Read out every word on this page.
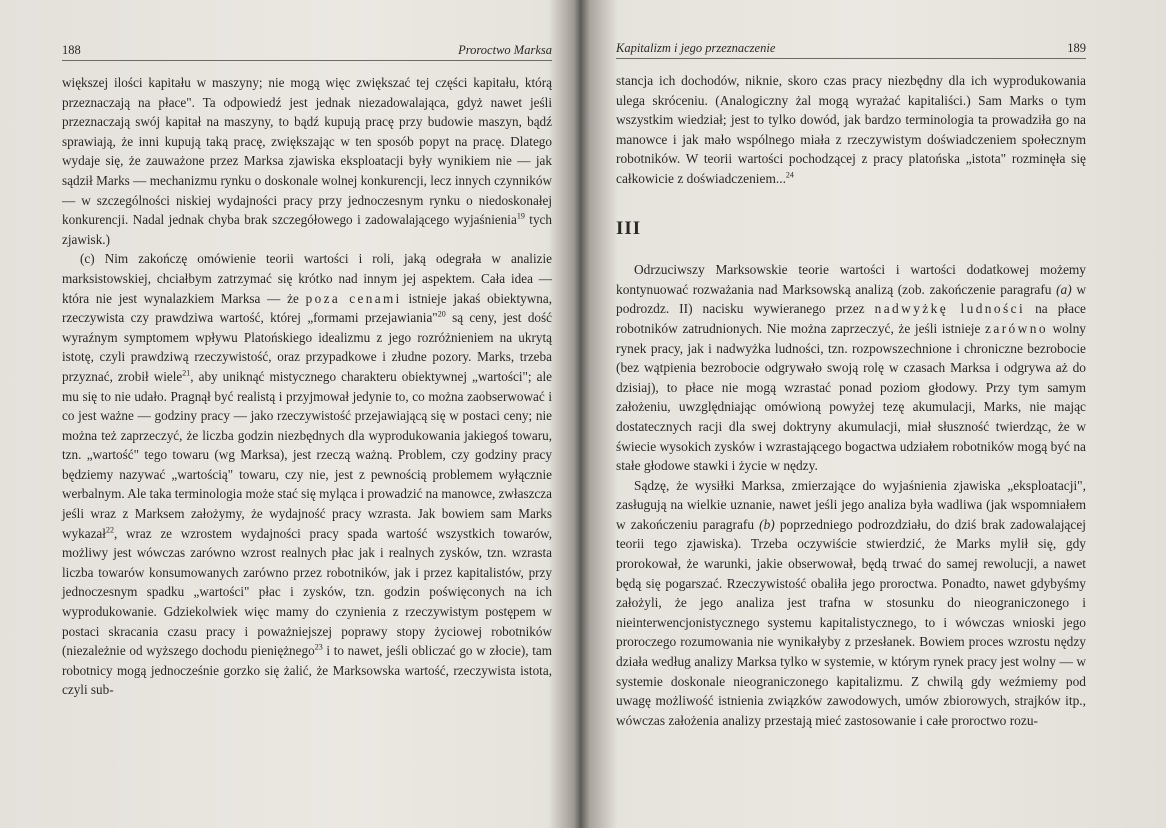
188	Proroctwo Marksa

większej ilości kapitału w maszyny; nie mogą więc zwiększać tej części kapitału, którą przeznaczają na płace". Ta odpowiedź jest jednak niezadowalająca, gdyż nawet jeśli przeznaczają swój kapitał na maszyny, to bądź kupują pracę przy budowie maszyn, bądź sprawiają, że inni kupują taką pracę, zwiększając w ten sposób popyt na pracę. Dlatego wydaje się, że zauważone przez Marksa zjawiska eksploatacji były wynikiem nie — jak sądził Marks — mechanizmu rynku o doskonale wolnej konkurencji, lecz innych czynników — w szczególności niskiej wydajności pracy przy jednoczesnym rynku o niedoskonałej konkurencji. Nadal jednak chyba brak szczegółowego i zadowalającego wyjaśnienia$^{19}$ tych zjawisk.)

(c) Nim zakończę omówienie teorii wartości i roli, jaką odegrała w analizie marksistowskiej, chciałbym zatrzymać się krótko nad innym jej aspektem. Cała idea — która nie jest wynalazkiem Marksa — że poza cenami istnieje jakaś obiektywna, rzeczywista czy prawdziwa wartość, której „formami przejawiania"$^{20}$ są ceny, jest dość wyraźnym symptomem wpływu Platońskiego idealizmu z jego rozróżnieniem na ukrytą istotę, czyli prawdziwą rzeczywistość, oraz przypadkowe i złudne pozory. Marks, trzeba przyznać, zrobił wiele$^{21}$, aby uniknąć mistycznego charakteru obiektywnej „wartości"; ale mu się to nie udało. Pragnął być realistą i przyjmował jedynie to, co można zaobserwować i co jest ważne — godziny pracy — jako rzeczywistość przejawiającą się w postaci ceny; nie można też zaprzeczyć, że liczba godzin niezbędnych dla wyprodukowania jakiegoś towaru, tzn. „wartość" tego towaru (wg Marksa), jest rzeczą ważną. Problem, czy godziny pracy będziemy nazywać „wartością" towaru, czy nie, jest z pewnością problemem wyłącznie werbalnym. Ale taka terminologia może stać się myląca i prowadzić na manowce, zwłaszcza jeśli wraz z Marksem założymy, że wydajność pracy wzrasta. Jak bowiem sam Marks wykazał$^{22}$, wraz ze wzrostem wydajności pracy spada wartość wszystkich towarów, możliwy jest wówczas zarówno wzrost realnych płac jak i realnych zysków, tzn. wzrasta liczba towarów konsumowanych zarówno przez robotników, jak i przez kapitalistów, przy jednoczesnym spadku „wartości" płac i zysków, tzn. godzin poświęconych na ich wyprodukowanie. Gdziekolwiek więc mamy do czynienia z rzeczywistym postępem w postaci skracania czasu pracy i poważniejszej poprawy stopy życiowej robotników (niezależnie od wyższego dochodu pieniężnego$^{23}$ i to nawet, jeśli obliczać go w złocie), tam robotnicy mogą jednocześnie gorzko się żalić, że Marksowska wartość, rzeczywista istota, czyli sub-

Kapitalizm i jego przeznaczenie	189

stancja ich dochodów, niknie, skoro czas pracy niezbędny dla ich wyprodukowania ulega skróceniu. (Analogiczny żal mogą wyrażać kapitaliści.) Sam Marks o tym wszystkim wiedział; jest to tylko dowód, jak bardzo terminologia ta prowadziła go na manowce i jak mało wspólnego miała z rzeczywistym doświadczeniem społecznym robotników. W teorii wartości pochodzącej z pracy platońska „istota" rozminęła się całkowicie z doświadczeniem...$^{24}$

III

Odrzuciwszy Marksowskie teorie wartości i wartości dodatkowej możemy kontynuować rozważania nad Marksowską analizą (zob. zakończenie paragrafu (a) w podrozdz. II) nacisku wywieranego przez nadwyżkę ludności na płace robotników zatrudnionych. Nie można zaprzeczyć, że jeśli istnieje zarówno wolny rynek pracy, jak i nadwyżka ludności, tzn. rozpowszechnione i chroniczne bezrobocie (bez wątpienia bezrobocie odgrywało swoją rolę w czasach Marksa i odgrywa aż do dzisiaj), to płace nie mogą wzrastać ponad poziom głodowy. Przy tym samym założeniu, uwzględniając omówioną powyżej tezę akumulacji, Marks, nie mając dostatecznych racji dla swej doktryny akumulacji, miał słuszność twierdząc, że w świecie wysokich zysków i wzrastającego bogactwa udziałem robotników mogą być na stałe głodowe stawki i życie w nędzy.

Sądzę, że wysiłki Marksa, zmierzające do wyjaśnienia zjawiska „eksploatacji", zasługują na wielkie uznanie, nawet jeśli jego analiza była wadliwa (jak wspomniałem w zakończeniu paragrafu (b) poprzedniego podrozdziału, do dziś brak zadowalającej teorii tego zjawiska). Trzeba oczywiście stwierdzić, że Marks mylił się, gdy prorokował, że warunki, jakie obserwował, będą trwać do samej rewolucji, a nawet będą się pogarszać. Rzeczywistość obaliła jego proroctwa. Ponadto, nawet gdybyśmy założyli, że jego analiza jest trafna w stosunku do nieograniczonego i nieinterwencjonistycznego systemu kapitalistycznego, to i wówczas wnioski jego proroczego rozumowania nie wynikałyby z przesłanek. Bowiem proces wzrostu nędzy działa według analizy Marksa tylko w systemie, w którym rynek pracy jest wolny — w systemie doskonale nieograniczonego kapitalizmu. Z chwilą gdy weźmiemy pod uwagę możliwość istnienia związków zawodowych, umów zbiorowych, strajków itp., wówczas założenia analizy przestają mieć zastosowanie i całe proroctwo rozu-
